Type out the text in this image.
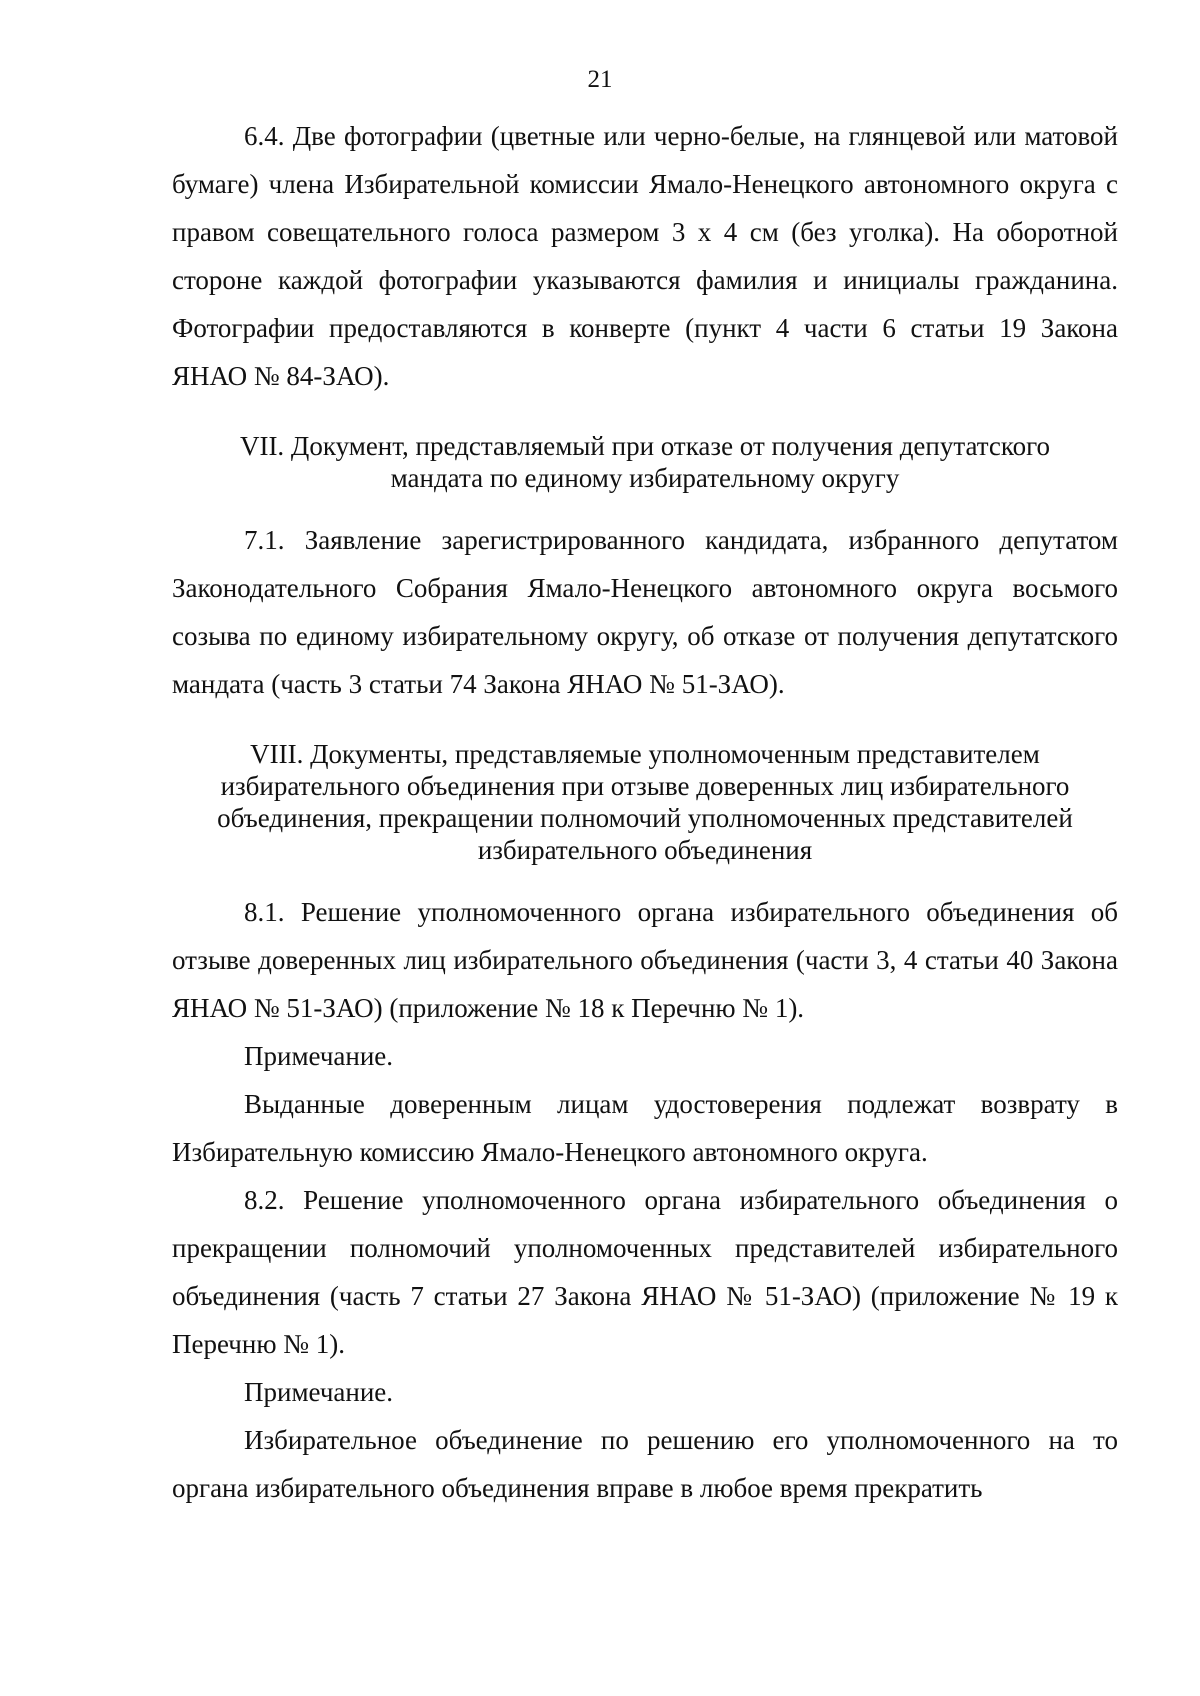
21

6.4. Две фотографии (цветные или черно-белые, на глянцевой или матовой бумаге) члена Избирательной комиссии Ямало-Ненецкого автономного округа с правом совещательного голоса размером 3 х 4 см (без уголка). На оборотной стороне каждой фотографии указываются фамилия и инициалы гражданина. Фотографии предоставляются в конверте (пункт 4 части 6 статьи 19 Закона ЯНАО № 84-ЗАО).

VII. Документ, представляемый при отказе от получения депутатского
мандата по единому избирательному округу

7.1. Заявление зарегистрированного кандидата, избранного депутатом Законодательного Собрания Ямало-Ненецкого автономного округа восьмого созыва по единому избирательному округу, об отказе от получения депутатского мандата (часть 3 статьи 74 Закона ЯНАО № 51-ЗАО).

VIII. Документы, представляемые уполномоченным представителем
избирательного объединения при отзыве доверенных лиц избирательного
объединения, прекращении полномочий уполномоченных представителей
избирательного объединения

8.1. Решение уполномоченного органа избирательного объединения об отзыве доверенных лиц избирательного объединения (части 3, 4 статьи 40 Закона ЯНАО № 51-ЗАО) (приложение № 18 к Перечню № 1).

Примечание.

Выданные доверенным лицам удостоверения подлежат возврату в Избирательную комиссию Ямало-Ненецкого автономного округа.

8.2. Решение уполномоченного органа избирательного объединения о прекращении полномочий уполномоченных представителей избирательного объединения (часть 7 статьи 27 Закона ЯНАО № 51-ЗАО) (приложение № 19 к Перечню № 1).

Примечание.

Избирательное объединение по решению его уполномоченного на то органа избирательного объединения вправе в любое время прекратить
